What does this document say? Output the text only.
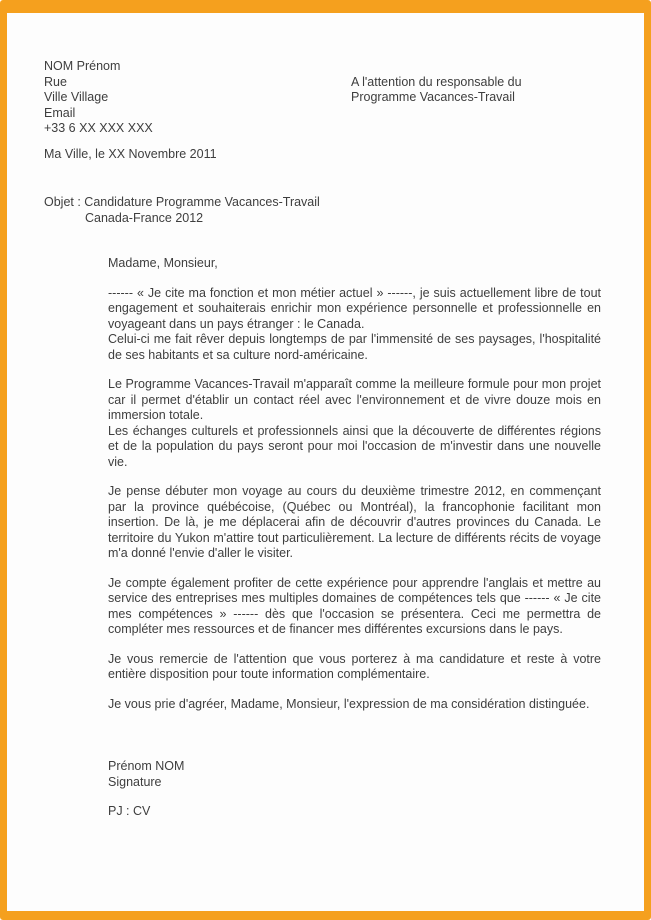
NOM Prénom
Rue
Ville Village
Email
+33 6 XX XXX XXX
A l'attention du responsable du
Programme Vacances-Travail
Ma Ville, le XX Novembre 2011
Objet : Candidature Programme Vacances-Travail
Canada-France 2012
Madame, Monsieur,

------ « Je cite ma fonction et mon métier actuel » ------, je suis actuellement libre de tout engagement et souhaiterais enrichir mon expérience personnelle et professionnelle en voyageant dans un pays étranger : le Canada.

Celui-ci me fait rêver depuis longtemps de par l'immensité de ses paysages, l'hospitalité de ses habitants et sa culture nord-américaine.

Le Programme Vacances-Travail m'apparaît comme la meilleure formule pour mon projet car il permet d'établir un contact réel avec l'environnement et de vivre douze mois en immersion totale.

Les échanges culturels et professionnels ainsi que la découverte de différentes régions et de la population du pays seront pour moi l'occasion de m'investir dans une nouvelle vie.

Je pense débuter mon voyage au cours du deuxième trimestre 2012, en commençant par la province québécoise, (Québec ou Montréal), la francophonie facilitant mon insertion. De là, je me déplacerai afin de découvrir d'autres provinces du Canada. Le territoire du Yukon m'attire tout particulièrement. La lecture de différents récits de voyage m'a donné l'envie d'aller le visiter.

Je compte également profiter de cette expérience pour apprendre l'anglais et mettre au service des entreprises mes multiples domaines de compétences tels que ------ « Je cite mes compétences » ------ dès que l'occasion se présentera. Ceci me permettra de compléter mes ressources et de financer mes différentes excursions dans le pays.

Je vous remercie de l'attention que vous porterez à ma candidature et reste à votre entière disposition pour toute information complémentaire.

Je vous prie d'agréer, Madame, Monsieur, l'expression de ma considération distinguée.

Prénom NOM
Signature
PJ : CV
